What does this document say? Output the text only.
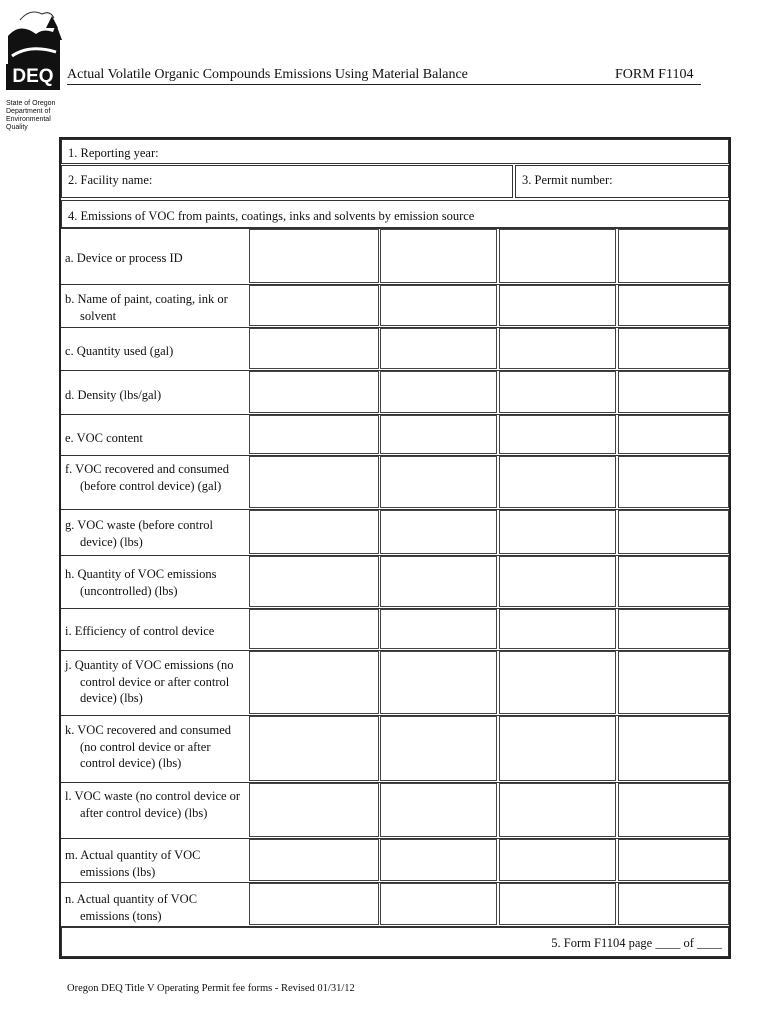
DEQ
State of Oregon
Department of
Environmental
Quality
Actual Volatile Organic Compounds Emissions Using Material Balance	FORM F1104
1. Reporting year:
2. Facility name:	3. Permit number:
4. Emissions of VOC from paints, coatings, inks and solvents by emission source
a. Device or process ID
b. Name of paint, coating, ink or solvent
c. Quantity used (gal)
d. Density (lbs/gal)
e. VOC content
f. VOC recovered and consumed (before control device) (gal)
g. VOC waste (before control device) (lbs)
h. Quantity of VOC emissions (uncontrolled) (lbs)
i. Efficiency of control device
j. Quantity of VOC emissions (no control device or after control device) (lbs)
k. VOC recovered and consumed (no control device or after control device) (lbs)
l. VOC waste (no control device or after control device) (lbs)
m. Actual quantity of VOC emissions (lbs)
n. Actual quantity of VOC emissions (tons)
5. Form F1104 page ____ of ____
Oregon DEQ Title V Operating Permit fee forms - Revised 01/31/12
